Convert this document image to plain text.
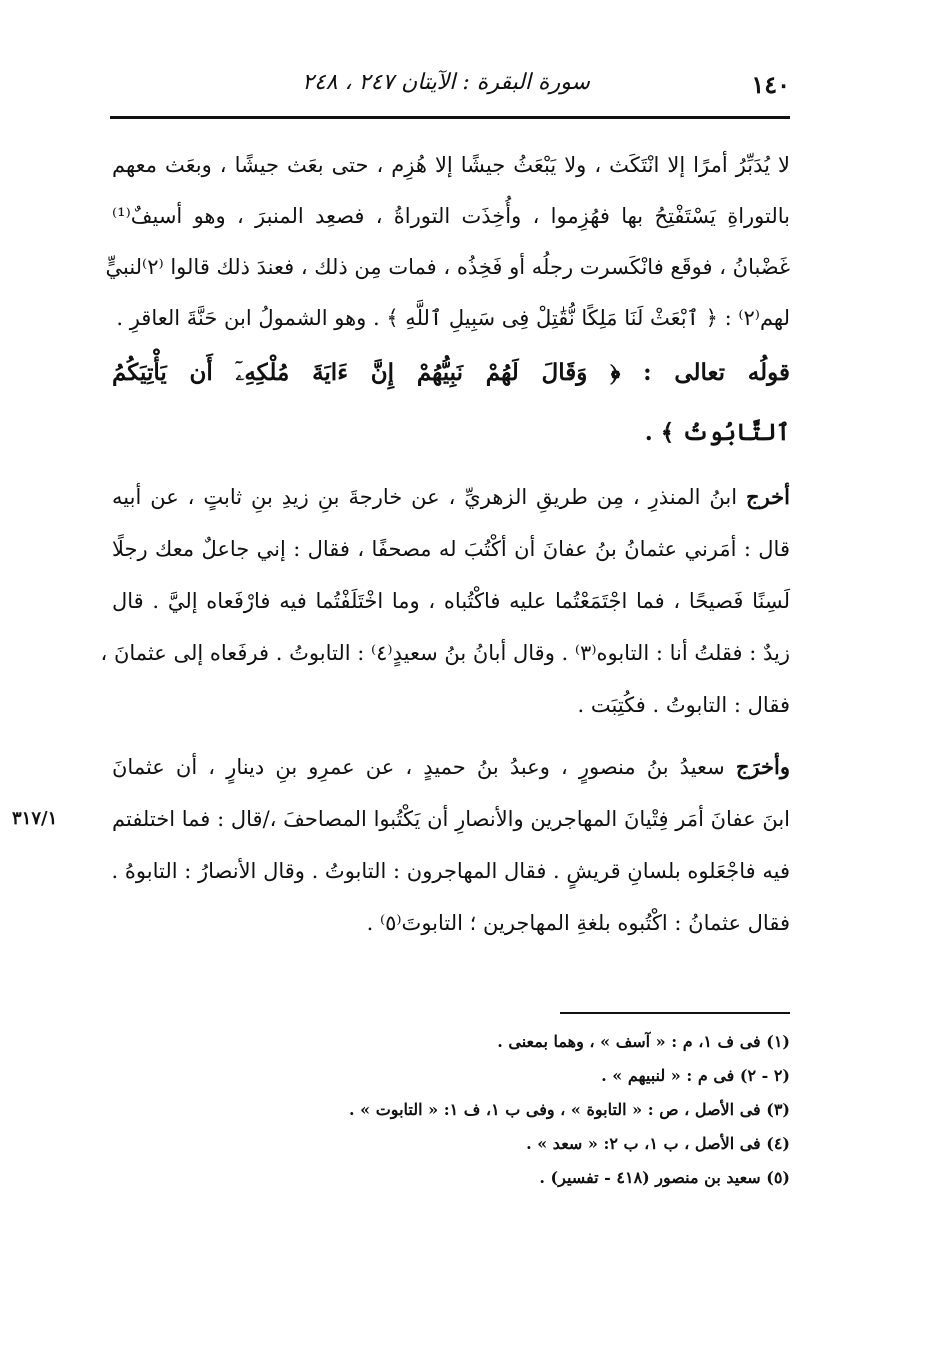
١٤٠
سورة البقرة : الآيتان ٢٤٧ ، ٢٤٨
لا يُدَبِّرُ أمرًا إلا انْتَكَث ، ولا يَبْعَثُ جيشًا إلا هُزِم ، حتى بعَث جيشًا ، وبعَث معهم
بالتوراةِ يَسْتَفْتِحُ بها فهُزِموا ، وأُخِذَت التوراةُ ، فصعِد المنبرَ ، وهو أسيفٌ⁽¹⁾
غَضْبانُ ، فوقَع فانْكَسرت رجلُه أو فَخِذُه ، فمات مِن ذلك ، فعندَ ذلك قالوا ⁽٢⁾لنبيٍّ
لهم⁽٢⁾ : ﴿ ٱبْعَثْ لَنَا مَلِكًا نُّقَٰتِلْ فِى سَبِيلِ ٱللَّهِ ﴾ . وهو الشمولُ ابن حَنَّةَ العاقرِ .
قولُه تعالى : ﴿ وَقَالَ لَهُمْ نَبِيُّهُمْ إِنَّ ءَايَةَ مُلْكِهِۦٓ أَن يَأْتِيَكُمُ
ٱلتَّابُوتُ ﴾ .
أخرج ابنُ المنذرِ ، مِن طريقِ الزهريِّ ، عن خارجةَ بنِ زيدِ بنِ ثابتٍ ، عن أبيه
قال : أمَرني عثمانُ بنُ عفانَ أن أكْتُبَ له مصحفًا ، فقال : إني جاعلٌ معك رجلًا
لَسِنًا فَصيحًا ، فما اجْتَمَعْتُما عليه فاكْتُباه ، وما اخْتَلَفْتُما فيه فارْفَعاه إليَّ . قال
زيدٌ : فقلتُ أنا : التابوه⁽٣⁾ . وقال أبانُ بنُ سعيدٍ⁽٤⁾ : التابوتُ . فرفَعاه إلى عثمانَ ،
فقال : التابوتُ . فكُتِبَت .
وأخرَج سعيدُ بنُ منصورٍ ، وعبدُ بنُ حميدٍ ، عن عمرِو بنِ دينارٍ ، أن عثمانَ
ابنَ عفانَ أمَر فِتْيانَ المهاجرين والأنصارِ أن يَكْتُبوا المصاحفَ ،/قال : فما اختلفتم
فيه فاجْعَلوه بلسانِ قريشٍ . فقال المهاجرون : التابوتُ . وقال الأنصارُ : التابوهُ .
فقال عثمانُ : اكْتُبوه بلغةِ المهاجرين ؛ التابوتَ⁽٥⁾ .
٣١٧/١
(١) فى ف ١، م : « آسف » ، وهما بمعنى .
(٢ - ٢) فى م : « لنبيهم » .
(٣) فى الأصل ، ص : « التابوة » ، وفى ب ١، ف ١: « التابوت » .
(٤) فى الأصل ، ب ١، ب ٢: « سعد » .
(٥) سعيد بن منصور (٤١٨ - تفسير) .
